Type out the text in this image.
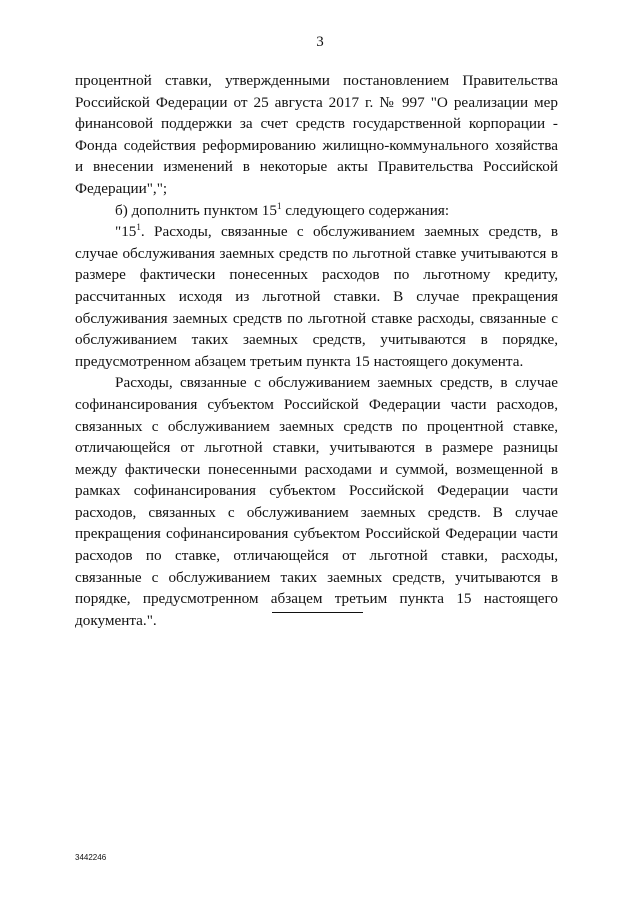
3

процентной ставки, утвержденными постановлением Правительства Российской Федерации от 25 августа 2017 г. № 997 "О реализации мер финансовой поддержки за счет средств государственной корпорации - Фонда содействия реформированию жилищно-коммунального хозяйства и внесении изменений в некоторые акты Правительства Российской Федерации",";

б) дополнить пунктом $15^1$ следующего содержания:

"$15^1$. Расходы, связанные с обслуживанием заемных средств, в случае обслуживания заемных средств по льготной ставке учитываются в размере фактически понесенных расходов по льготному кредиту, рассчитанных исходя из льготной ставки. В случае прекращения обслуживания заемных средств по льготной ставке расходы, связанные с обслуживанием таких заемных средств, учитываются в порядке, предусмотренном абзацем третьим пункта 15 настоящего документа.

Расходы, связанные с обслуживанием заемных средств, в случае софинансирования субъектом Российской Федерации части расходов, связанных с обслуживанием заемных средств по процентной ставке, отличающейся от льготной ставки, учитываются в размере разницы между фактически понесенными расходами и суммой, возмещенной в рамках софинансирования субъектом Российской Федерации части расходов, связанных с обслуживанием заемных средств. В случае прекращения софинансирования субъектом Российской Федерации части расходов по ставке, отличающейся от льготной ставки, расходы, связанные с обслуживанием таких заемных средств, учитываются в порядке, предусмотренном абзацем третьим пункта 15 настоящего документа.".

3442246
